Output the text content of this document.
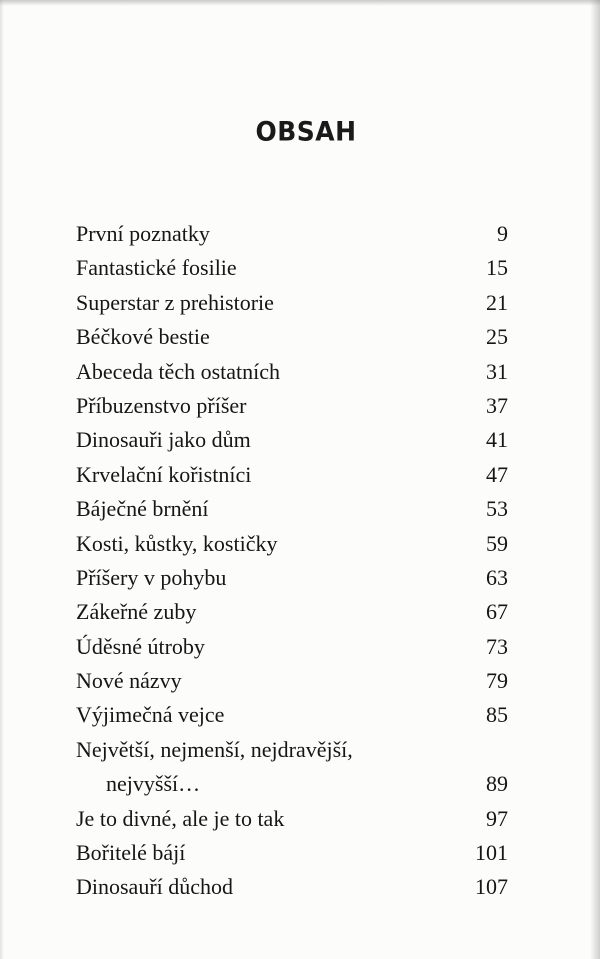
OBSAH
První poznatky	9
Fantastické fosilie	15
Superstar z prehistorie	21
Béčkové bestie	25
Abeceda těch ostatních	31
Příbuzenstvo příšer	37
Dinosauři jako dům	41
Krvelační kořistníci	47
Báječné brnění	53
Kosti, kůstky, kostičky	59
Příšery v pohybu	63
Zákeřné zuby	67
Úděsné útroby	73
Nové názvy	79
Výjimečná vejce	85
Největší, nejmenší, nejdravější,
nejvyšší…	89
Je to divné, ale je to tak	97
Bořitelé bájí	101
Dinosauří důchod	107
